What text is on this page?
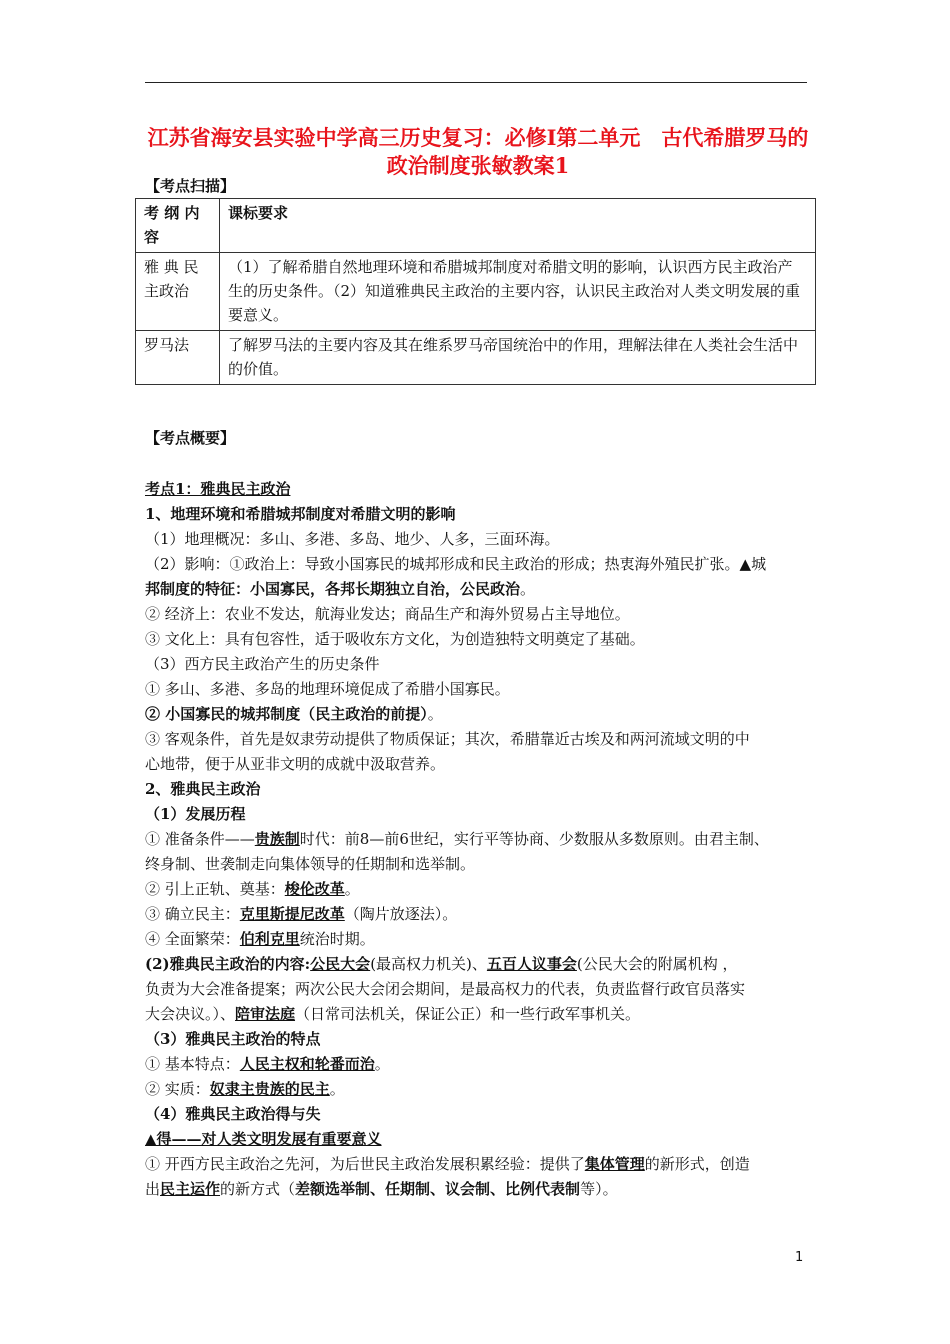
江苏省海安县实验中学高三历史复习：必修Ⅰ第二单元　古代希腊罗马的政治制度张敏教案1

【考点扫描】

考 纲 内 容	课标要求
雅 典 民 主政治	（1）了解希腊自然地理环境和希腊城邦制度对希腊文明的影响，认识西方民主政治产生的历史条件。（2）知道雅典民主政治的主要内容，认识民主政治对人类文明发展的重要意义。
罗马法	了解罗马法的主要内容及其在维系罗马帝国统治中的作用，理解法律在人类社会生活中的价值。

【考点概要】

考点1：雅典民主政治

1、地理环境和希腊城邦制度对希腊文明的影响

（1）地理概况：多山、多港、多岛、地少、人多，三面环海。

（2）影响：①政治上：导致小国寡民的城邦形成和民主政治的形成；热衷海外殖民扩张。▲城

邦制度的特征：小国寡民，各邦长期独立自治，公民政治。

② 经济上：农业不发达，航海业发达；商品生产和海外贸易占主导地位。

③ 文化上：具有包容性，适于吸收东方文化，为创造独特文明奠定了基础。

（3）西方民主政治产生的历史条件

① 多山、多港、多岛的地理环境促成了希腊小国寡民。

② 小国寡民的城邦制度（民主政治的前提）。

③ 客观条件，首先是奴隶劳动提供了物质保证；其次，希腊靠近古埃及和两河流域文明的中

心地带，便于从亚非文明的成就中汲取营养。

2、雅典民主政治

（1）发展历程

① 准备条件——贵族制时代：前8—前6世纪，实行平等协商、少数服从多数原则。由君主制、

终身制、世袭制走向集体领导的任期制和选举制。

② 引上正轨、奠基：梭伦改革。

③ 确立民主：克里斯提尼改革（陶片放逐法）。

④ 全面繁荣：伯利克里统治时期。

(2)雅典民主政治的内容:公民大会(最高权力机关)、五百人议事会(公民大会的附属机构 ，

负责为大会准备提案；两次公民大会闭会期间，是最高权力的代表，负责监督行政官员落实

大会决议。）、陪审法庭（日常司法机关，保证公正）和一些行政军事机关。

（3）雅典民主政治的特点

① 基本特点：人民主权和轮番而治。

② 实质：奴隶主贵族的民主。

（4）雅典民主政治得与失

▲得——对人类文明发展有重要意义

① 开西方民主政治之先河，为后世民主政治发展积累经验：提供了集体管理的新形式，创造

出民主运作的新方式（差额选举制、任期制、议会制、比例代表制等）。

1
